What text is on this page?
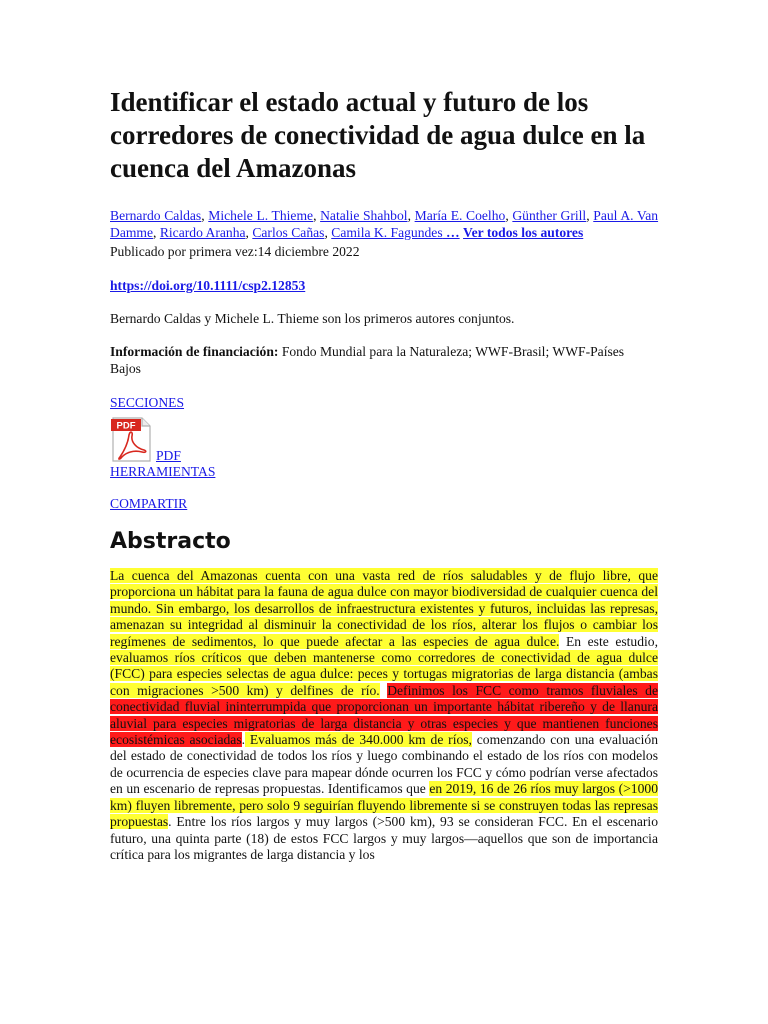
Identificar el estado actual y futuro de los corredores de conectividad de agua dulce en la cuenca del Amazonas
Bernardo Caldas, Michele L. Thieme, Natalie Shahbol, María E. Coelho, Günther Grill, Paul A. Van Damme, Ricardo Aranha, Carlos Cañas, Camila K. Fagundes … Ver todos los autores
Publicado por primera vez:14 diciembre 2022
https://doi.org/10.1111/csp2.12853
Bernardo Caldas y Michele L. Thieme son los primeros autores conjuntos.
Información de financiación: Fondo Mundial para la Naturaleza; WWF-Brasil; WWF-Países Bajos
SECCIONES
PDF
PDF
HERRAMIENTAS
COMPARTIR
Abstracto
La cuenca del Amazonas cuenta con una vasta red de ríos saludables y de flujo libre, que proporciona un hábitat para la fauna de agua dulce con mayor biodiversidad de cualquier cuenca del mundo. Sin embargo, los desarrollos de infraestructura existentes y futuros, incluidas las represas, amenazan su integridad al disminuir la conectividad de los ríos, alterar los flujos o cambiar los regímenes de sedimentos, lo que puede afectar a las especies de agua dulce. En este estudio, evaluamos ríos críticos que deben mantenerse como corredores de conectividad de agua dulce (FCC) para especies selectas de agua dulce: peces y tortugas migratorias de larga distancia (ambas con migraciones >500 km) y delfines de río. Definimos los FCC como tramos fluviales de conectividad fluvial ininterrumpida que proporcionan un importante hábitat ribereño y de llanura aluvial para especies migratorias de larga distancia y otras especies y que mantienen funciones ecosistémicas asociadas. Evaluamos más de 340.000 km de ríos, comenzando con una evaluación del estado de conectividad de todos los ríos y luego combinando el estado de los ríos con modelos de ocurrencia de especies clave para mapear dónde ocurren los FCC y cómo podrían verse afectados en un escenario de represas propuestas. Identificamos que en 2019, 16 de 26 ríos muy largos (>1000 km) fluyen libremente, pero solo 9 seguirían fluyendo libremente si se construyen todas las represas propuestas. Entre los ríos largos y muy largos (>500 km), 93 se consideran FCC. En el escenario futuro, una quinta parte (18) de estos FCC largos y muy largos—aquellos que son de importancia crítica para los migrantes de larga distancia y los
